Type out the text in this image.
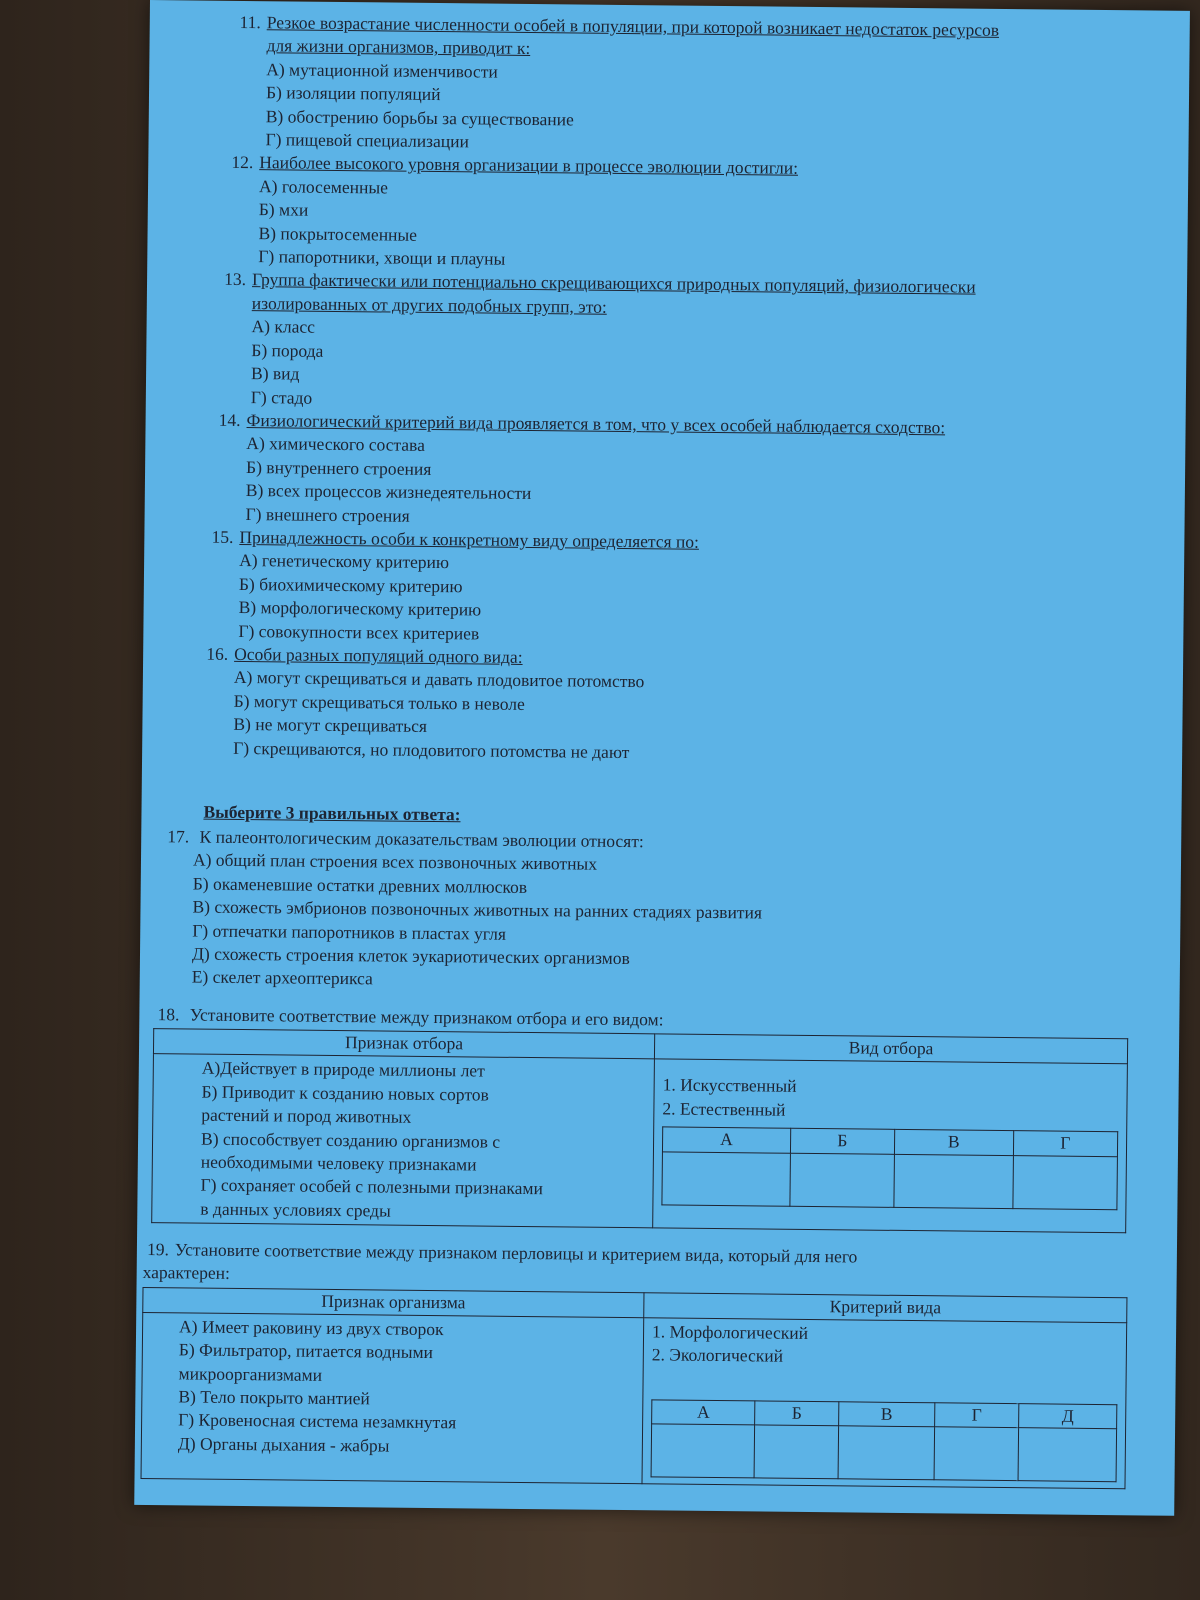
11. Резкое возрастание численности особей в популяции, при которой возникает недостаток ресурсов
для жизни организмов, приводит к:
А) мутационной изменчивости
Б) изоляции популяций
В) обострению борьбы за существование
Г) пищевой специализации
12. Наиболее высокого уровня организации в процессе эволюции достигли:
А) голосеменные
Б) мхи
В) покрытосеменные
Г) папоротники, хвощи и плауны
13. Группа фактически или потенциально скрещивающихся природных популяций, физиологически
изолированных от других подобных групп, это:
А) класс
Б) порода
В) вид
Г) стадо
14. Физиологический критерий вида проявляется в том, что у всех особей наблюдается сходство:
А) химического состава
Б) внутреннего строения
В) всех процессов жизнедеятельности
Г) внешнего строения
15. Принадлежность особи к конкретному виду определяется по:
А) генетическому критерию
Б) биохимическому критерию
В) морфологическому критерию
Г) совокупности всех критериев
16. Особи разных популяций одного вида:
А) могут скрещиваться и давать плодовитое потомство
Б) могут скрещиваться только в неволе
В) не могут скрещиваться
Г) скрещиваются, но плодовитого потомства не дают
Выберите 3 правильных ответа:
17. К палеонтологическим доказательствам эволюции относят:
А) общий план строения всех позвоночных животных
Б) окаменевшие остатки древних моллюсков
В) схожесть эмбрионов позвоночных животных на ранних стадиях развития
Г) отпечатки папоротников в пластах угля
Д) схожесть строения клеток эукариотических организмов
Е) скелет археоптерикса
18. Установите соответствие между признаком отбора и его видом:
Признак отбора	Вид отбора

А)Действует в природе миллионы лет
Б) Приводит к созданию новых сортов
растений и пород животных
В) способствует созданию организмов с
необходимыми человеку признаками
Г) сохраняет особей с полезными признаками
в данных условиях среды

1. Искусственный
2. Естественный
А	Б	В	Г

19. Установите соответствие между признаком перловицы и критерием вида, который для него
характерен:
Признак организма	Критерий вида

А) Имеет раковину из двух створок
Б) Фильтратор, питается водными
микроорганизмами
В) Тело покрыто мантией
Г) Кровеносная система незамкнутая
Д) Органы дыхания - жабры

1. Морфологический
2. Экологический
А	Б	В	Г	Д
